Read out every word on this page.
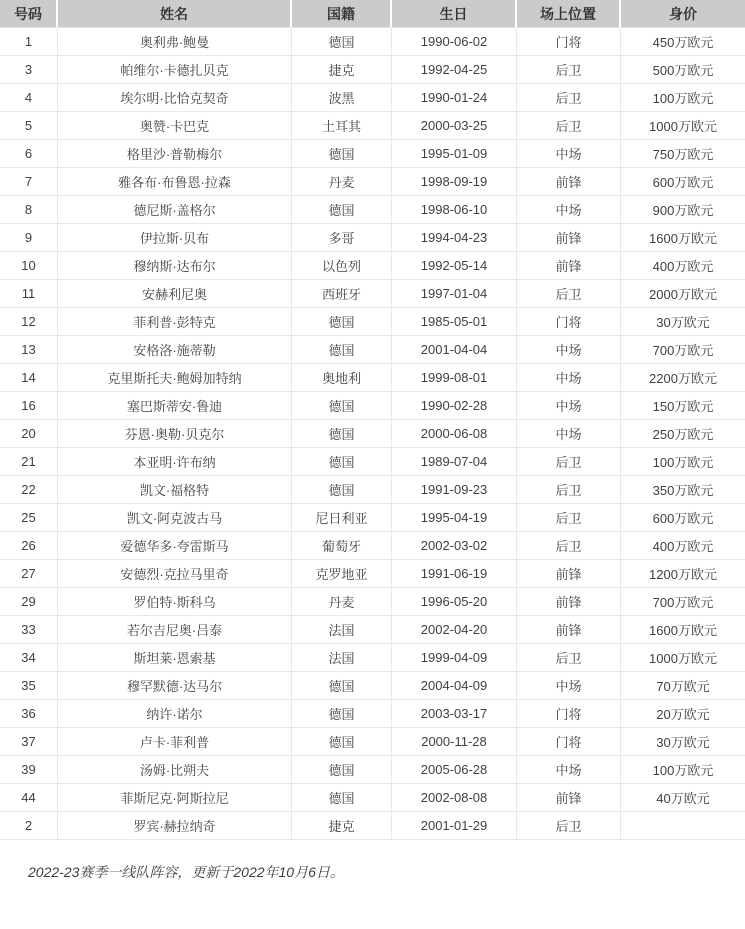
号码	姓名	国籍	生日	场上位置	身价
1	奥利弗·鲍曼	德国	1990-06-02	门将	450万欧元
3	帕维尔·卡德扎贝克	捷克	1992-04-25	后卫	500万欧元
4	埃尔明·比恰克契奇	波黑	1990-01-24	后卫	100万欧元
5	奥赞·卡巴克	土耳其	2000-03-25	后卫	1000万欧元
6	格里沙·普勒梅尔	德国	1995-01-09	中场	750万欧元
7	雅各布·布鲁恩·拉森	丹麦	1998-09-19	前锋	600万欧元
8	德尼斯·盖格尔	德国	1998-06-10	中场	900万欧元
9	伊拉斯·贝布	多哥	1994-04-23	前锋	1600万欧元
10	穆纳斯·达布尔	以色列	1992-05-14	前锋	400万欧元
11	安赫利尼奥	西班牙	1997-01-04	后卫	2000万欧元
12	菲利普·彭特克	德国	1985-05-01	门将	30万欧元
13	安格洛·施蒂勒	德国	2001-04-04	中场	700万欧元
14	克里斯托夫·鲍姆加特纳	奥地利	1999-08-01	中场	2200万欧元
16	塞巴斯蒂安·鲁迪	德国	1990-02-28	中场	150万欧元
20	芬恩·奥勒·贝克尔	德国	2000-06-08	中场	250万欧元
21	本亚明·许布纳	德国	1989-07-04	后卫	100万欧元
22	凯文·福格特	德国	1991-09-23	后卫	350万欧元
25	凯文·阿克波古马	尼日利亚	1995-04-19	后卫	600万欧元
26	爱德华多·夸雷斯马	葡萄牙	2002-03-02	后卫	400万欧元
27	安德烈·克拉马里奇	克罗地亚	1991-06-19	前锋	1200万欧元
29	罗伯特·斯科乌	丹麦	1996-05-20	前锋	700万欧元
33	若尔吉尼奥·吕泰	法国	2002-04-20	前锋	1600万欧元
34	斯坦莱·恩索基	法国	1999-04-09	后卫	1000万欧元
35	穆罕默德·达马尔	德国	2004-04-09	中场	70万欧元
36	纳许·诺尔	德国	2003-03-17	门将	20万欧元
37	卢卡·菲利普	德国	2000-11-28	门将	30万欧元
39	汤姆·比朔夫	德国	2005-06-28	中场	100万欧元
44	菲斯尼克·阿斯拉尼	德国	2002-08-08	前锋	40万欧元
2	罗宾·赫拉纳奇	捷克	2001-01-29	后卫	
2022-23赛季一线队阵容，更新于2022年10月6日。
